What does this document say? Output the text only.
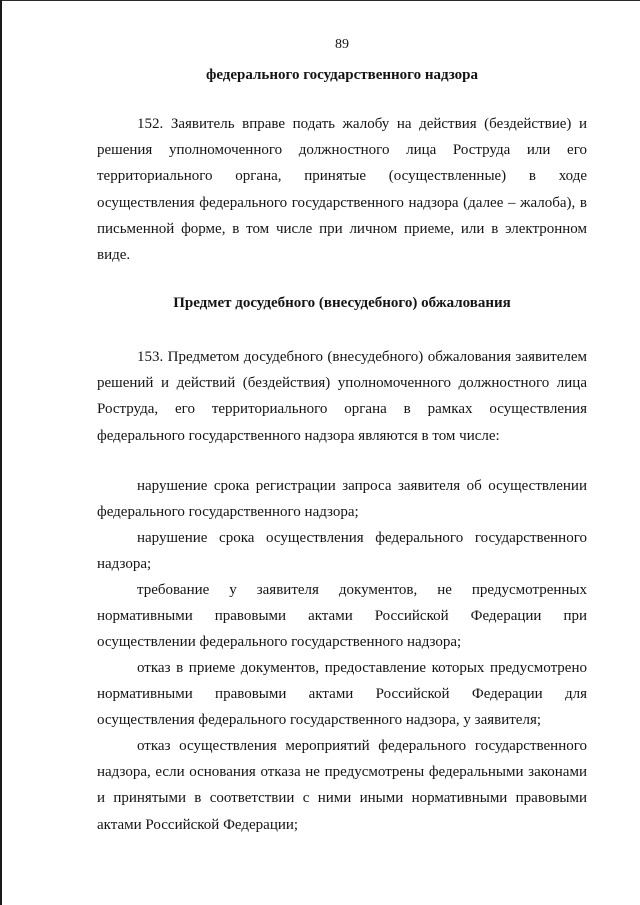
89
федерального государственного надзора

152. Заявитель вправе подать жалобу на действия (бездействие) и решения уполномоченного должностного лица Роструда или его территориального органа, принятые (осуществленные) в ходе осуществления федерального государственного надзора (далее – жалоба), в письменной форме, в том числе при личном приеме, или в электронном виде.

Предмет досудебного (внесудебного) обжалования

153. Предметом досудебного (внесудебного) обжалования заявителем решений и действий (бездействия) уполномоченного должностного лица Роструда, его территориального органа в рамках осуществления федерального государственного надзора являются в том числе:

нарушение срока регистрации запроса заявителя об осуществлении федерального государственного надзора;

нарушение срока осуществления федерального государственного надзора;

требование у заявителя документов, не предусмотренных нормативными правовыми актами Российской Федерации при осуществлении федерального государственного надзора;

отказ в приеме документов, предоставление которых предусмотрено нормативными правовыми актами Российской Федерации для осуществления федерального государственного надзора, у заявителя;

отказ осуществления мероприятий федерального государственного надзора, если основания отказа не предусмотрены федеральными законами и принятыми в соответствии с ними иными нормативными правовыми актами Российской Федерации;
